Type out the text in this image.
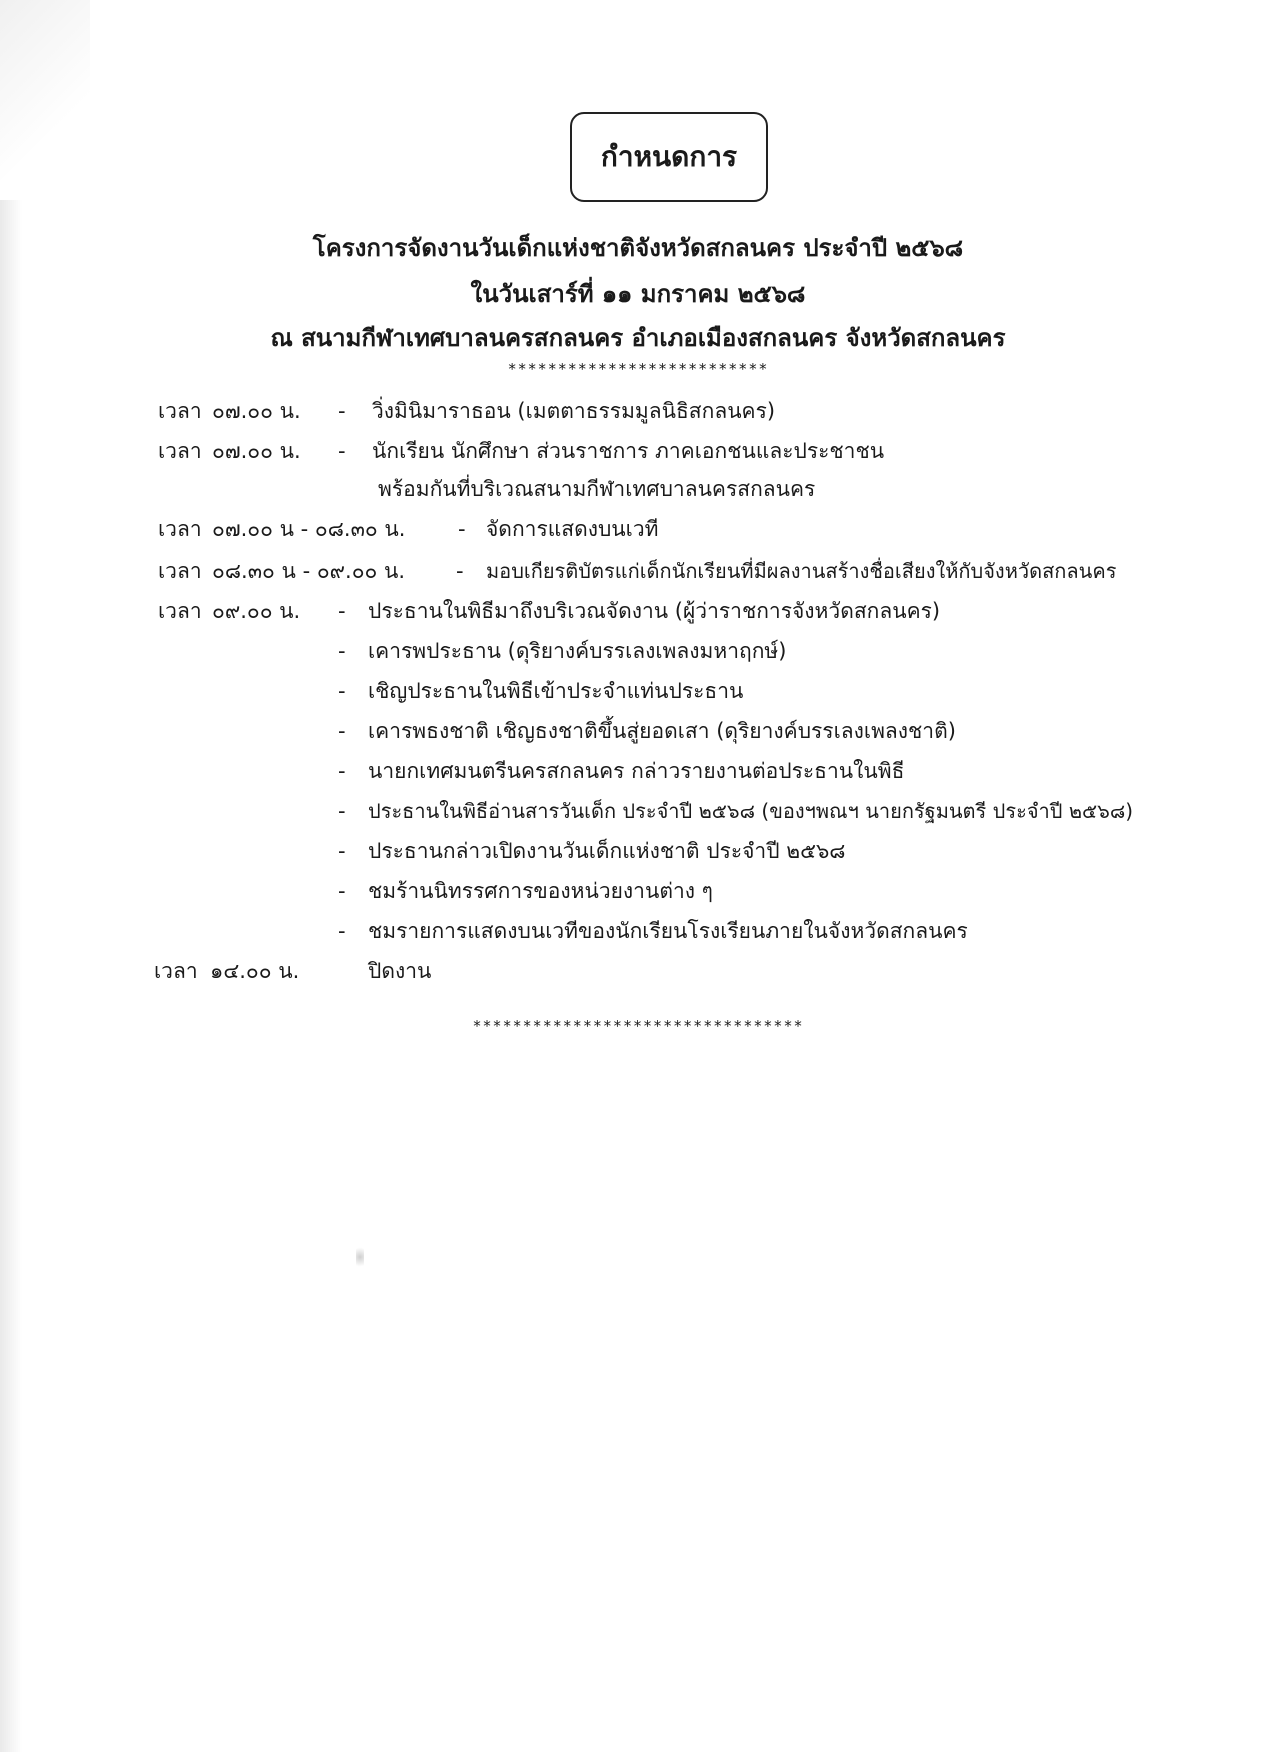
กำหนดการ
โครงการจัดงานวันเด็กแห่งชาติจังหวัดสกลนคร ประจำปี ๒๕๖๘
ในวันเสาร์ที่ ๑๑ มกราคม ๒๕๖๘
ณ สนามกีฬาเทศบาลนครสกลนคร อำเภอเมืองสกลนคร จังหวัดสกลนคร
**************************
เวลา ๐๗.๐๐ น. - วิ่งมินิมาราธอน (เมตตาธรรมมูลนิธิสกลนคร)
เวลา ๐๗.๐๐ น. - นักเรียน นักศึกษา ส่วนราชการ ภาคเอกชนและประชาชน
พร้อมกันที่บริเวณสนามกีฬาเทศบาลนครสกลนคร
เวลา ๐๗.๐๐ น - ๐๘.๓๐ น.	- จัดการแสดงบนเวที
เวลา ๐๘.๓๐ น - ๐๙.๐๐ น. - มอบเกียรติบัตรแก่เด็กนักเรียนที่มีผลงานสร้างชื่อเสียงให้กับจังหวัดสกลนคร
เวลา ๐๙.๐๐ น. - ประธานในพิธีมาถึงบริเวณจัดงาน (ผู้ว่าราชการจังหวัดสกลนคร)
- เคารพประธาน (ดุริยางค์บรรเลงเพลงมหาฤกษ์)
- เชิญประธานในพิธีเข้าประจำแท่นประธาน
- เคารพธงชาติ เชิญธงชาติขึ้นสู่ยอดเสา (ดุริยางค์บรรเลงเพลงชาติ)
- นายกเทศมนตรีนครสกลนคร กล่าวรายงานต่อประธานในพิธี
- ประธานในพิธีอ่านสารวันเด็ก ประจำปี ๒๕๖๘ (ของฯพณฯ นายกรัฐมนตรี ประจำปี ๒๕๖๘)
- ประธานกล่าวเปิดงานวันเด็กแห่งชาติ ประจำปี ๒๕๖๘
- ชมร้านนิทรรศการของหน่วยงานต่าง ๆ
- ชมรายการแสดงบนเวทีของนักเรียนโรงเรียนภายในจังหวัดสกลนคร
เวลา ๑๔.๐๐ น.	ปิดงาน
*********************************
